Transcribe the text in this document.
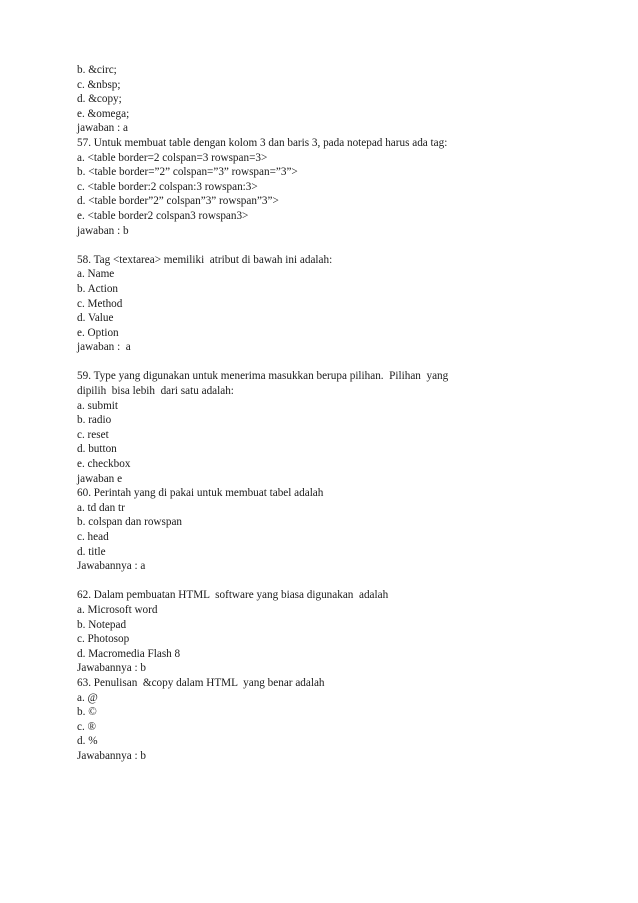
b. &circ;
c. &nbsp;
d. &copy;
e. &omega;
jawaban : a
57. Untuk membuat table dengan kolom 3 dan baris 3, pada notepad harus ada tag:
a. <table border=2 colspan=3 rowspan=3>
b. <table border=”2” colspan=”3” rowspan=”3”>
c. <table border:2 colspan:3 rowspan:3>
d. <table border”2” colspan”3” rowspan”3”>
e. <table border2 colspan3 rowspan3>
jawaban : b
58. Tag <textarea> memiliki  atribut di bawah ini adalah:
a. Name
b. Action
c. Method
d. Value
e. Option
jawaban :  a
59. Type yang digunakan untuk menerima masukkan berupa pilihan.  Pilihan  yang
dipilih  bisa lebih  dari satu adalah:
a. submit
b. radio
c. reset
d. button
e. checkbox
jawaban e
60. Perintah yang di pakai untuk membuat tabel adalah
a. td dan tr
b. colspan dan rowspan
c. head
d. title
Jawabannya : a
62. Dalam pembuatan HTML  software yang biasa digunakan  adalah
a. Microsoft word
b. Notepad
c. Photosop
d. Macromedia Flash 8
Jawabannya : b
63. Penulisan  &copy dalam HTML  yang benar adalah
a. @
b. ©
c. ®
d. %
Jawabannya : b
